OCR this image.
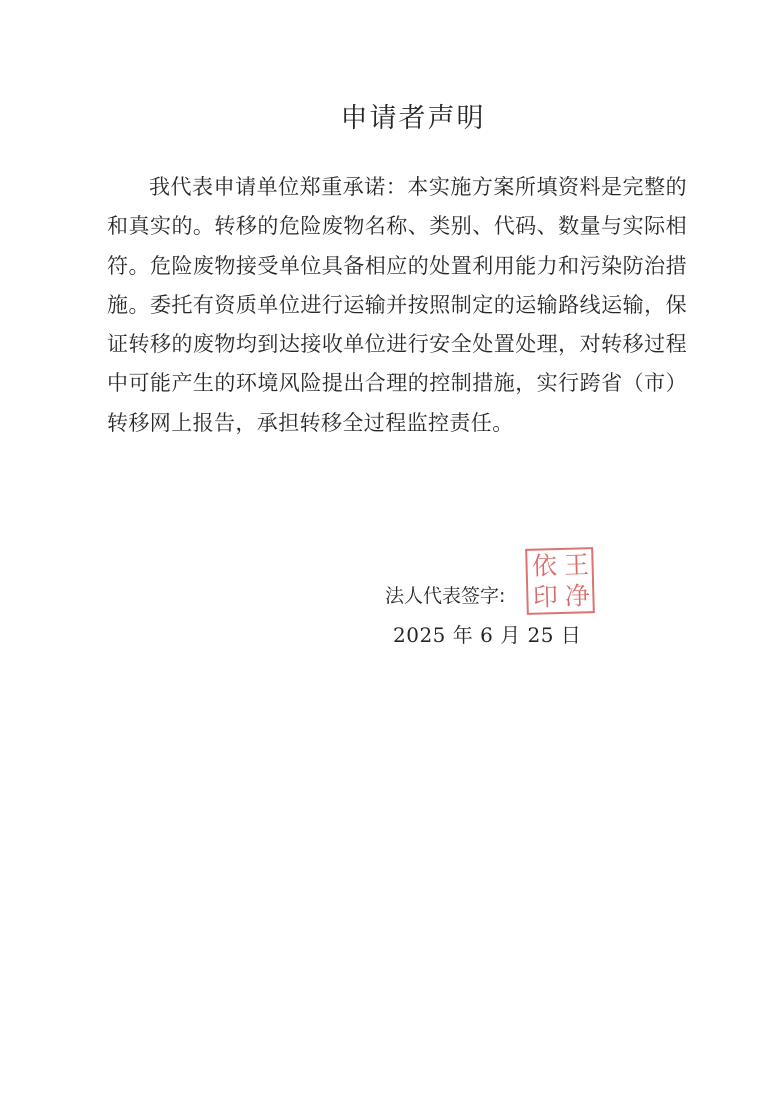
申请者声明

我代表申请单位郑重承诺：本实施方案所填资料是完整的和真实的。转移的危险废物名称、类别、代码、数量与实际相符。危险废物接受单位具备相应的处置利用能力和污染防治措施。委托有资质单位进行运输并按照制定的运输路线运输，保证转移的废物均到达接收单位进行安全处置处理，对转移过程中可能产生的环境风险提出合理的控制措施，实行跨省（市）转移网上报告，承担转移全过程监控责任。

法人代表签字:
2025 年 6 月 25 日
王
净
依
印
